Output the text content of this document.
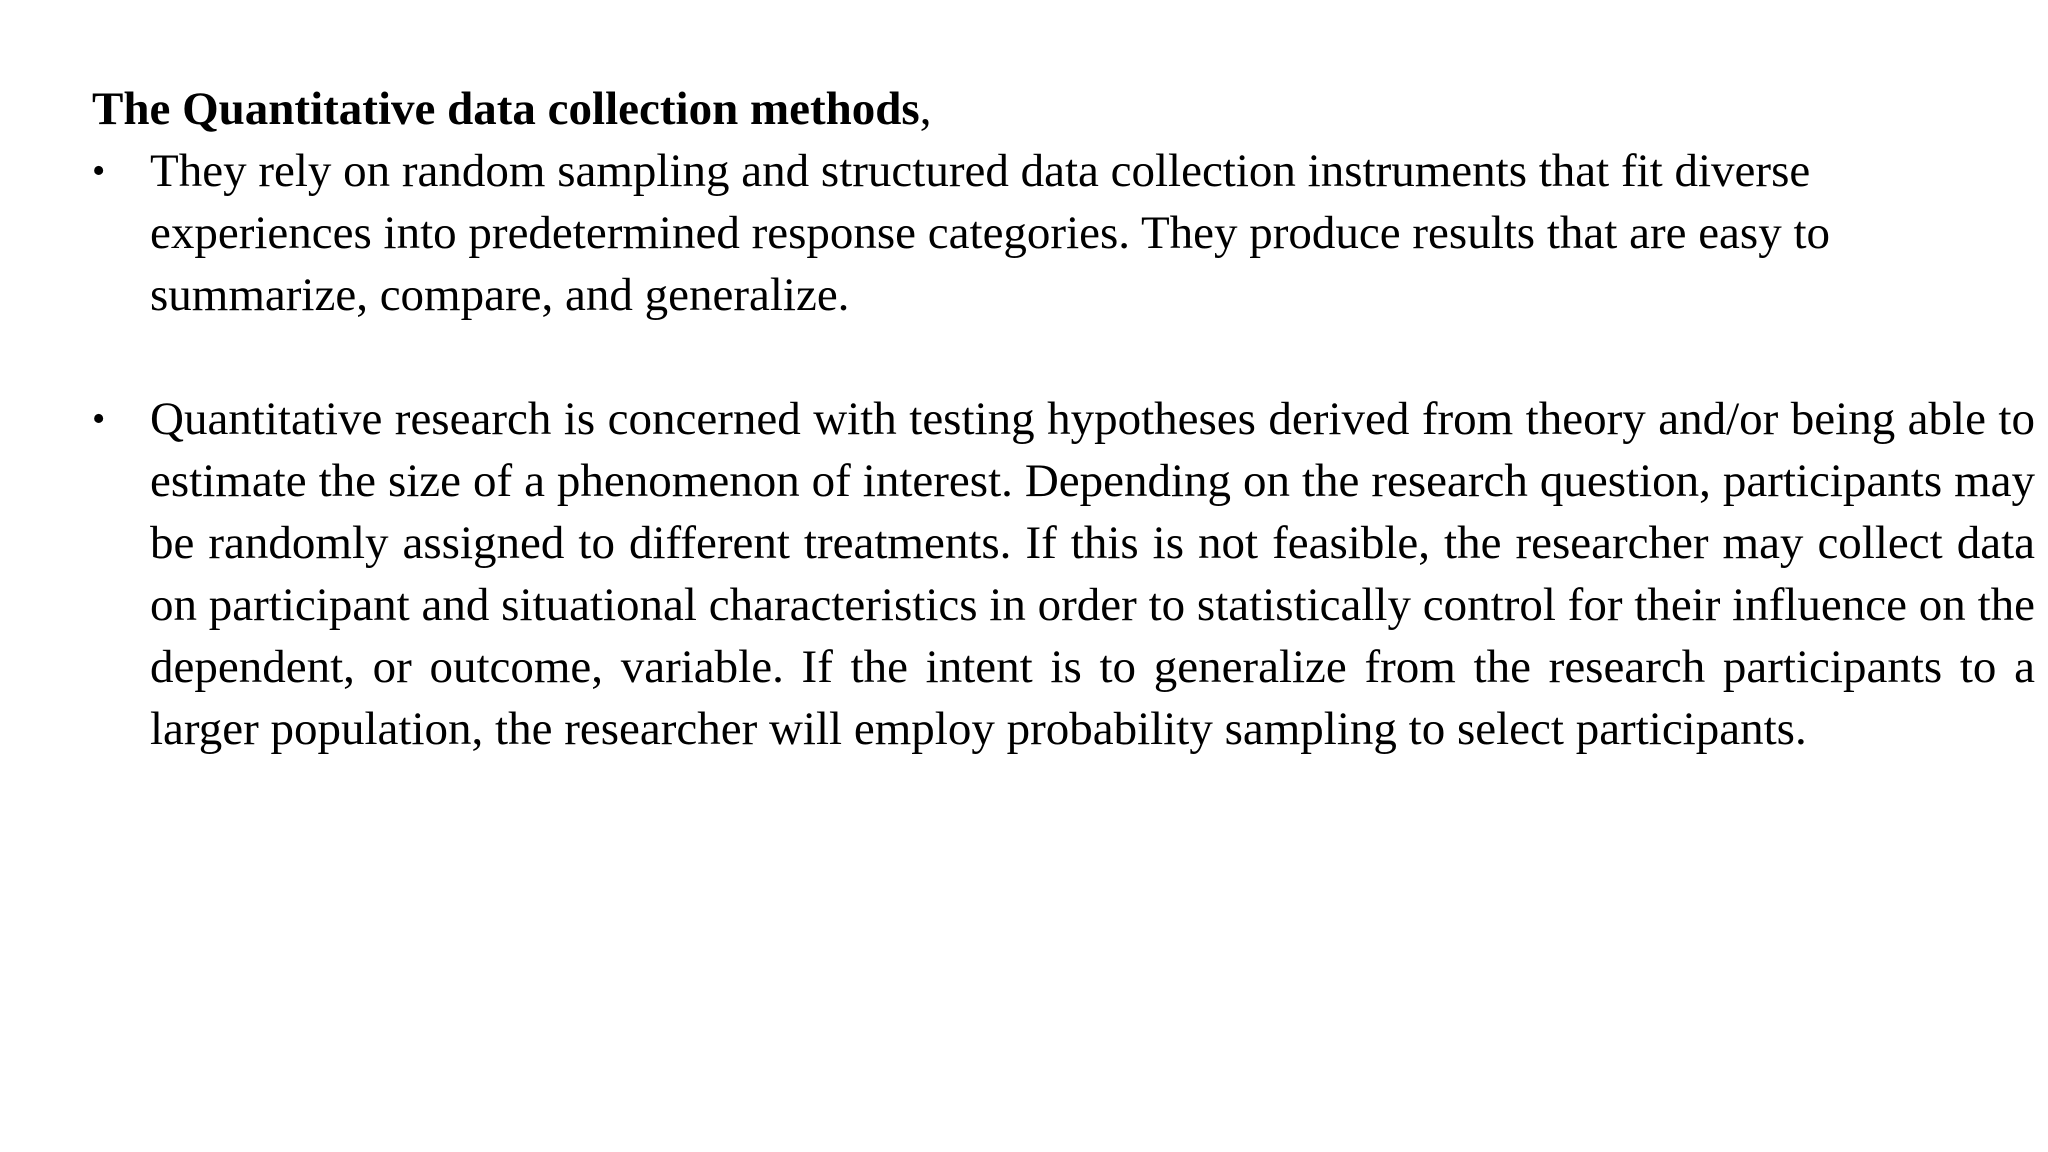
The Quantitative data collection methods,

• They rely on random sampling and structured data collection instruments that fit diverse experiences into predetermined response categories. They produce results that are easy to summarize, compare, and generalize.
• Quantitative research is concerned with testing hypotheses derived from theory and/or being able to estimate the size of a phenomenon of interest. Depending on the research question, participants may be randomly assigned to different treatments. If this is not feasible, the researcher may collect data on participant and situational characteristics in order to statistically control for their influence on the dependent, or outcome, variable. If the intent is to generalize from the research participants to a larger population, the researcher will employ probability sampling to select participants.
